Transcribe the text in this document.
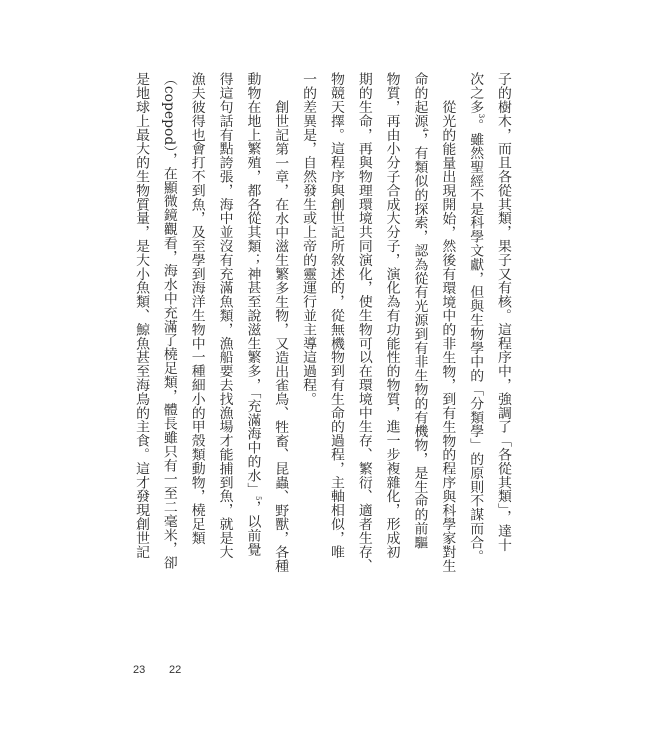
子的樹木，而且各從其類，果子又有核。這程序中，強調了「各從其類」，達十
次之多$^3$。雖然聖經不是科學文獻，但與生物學中的「分類學」的原則不謀而合。
從光的能量出現開始，然後有環境中的非生物，到有生物的程序與科學家對生
命的起源$^4$，有類似的探索，認為從有光源到有非生物的有機物，是生命的前驅
物質，再由小分子合成大分子，演化為有功能性的物質，進一步複雜化，形成初
期的生命，再與物理環境共同演化，使生物可以在環境中生存、繁衍、適者生存、
物競天擇。這程序與創世記所敘述的，從無機物到有生命的過程，主軸相似，唯
一的差異是，自然發生或上帝的靈運行並主導這過程。
創世記第一章，在水中滋生繁多生物，又造出雀鳥、牲畜、昆蟲、野獸，各種
動物在地上繁殖，都各從其類；神甚至說滋生繁多，「充滿海中的水」$^5$，以前覺
得這句話有點誇張，海中並沒有充滿魚類，漁船要去找漁場才能捕到魚，就是大
漁夫彼得也會打不到魚，及至學到海洋生物中一種細小的甲殼類動物，橈足類
（copepod），在顯微鏡觀看，海水中充滿了橈足類，體長雖只有一至二毫米，卻
是地球上最大的生物質量，是大小魚類、鯨魚甚至海鳥的主食。這才發現創世記
23 22
